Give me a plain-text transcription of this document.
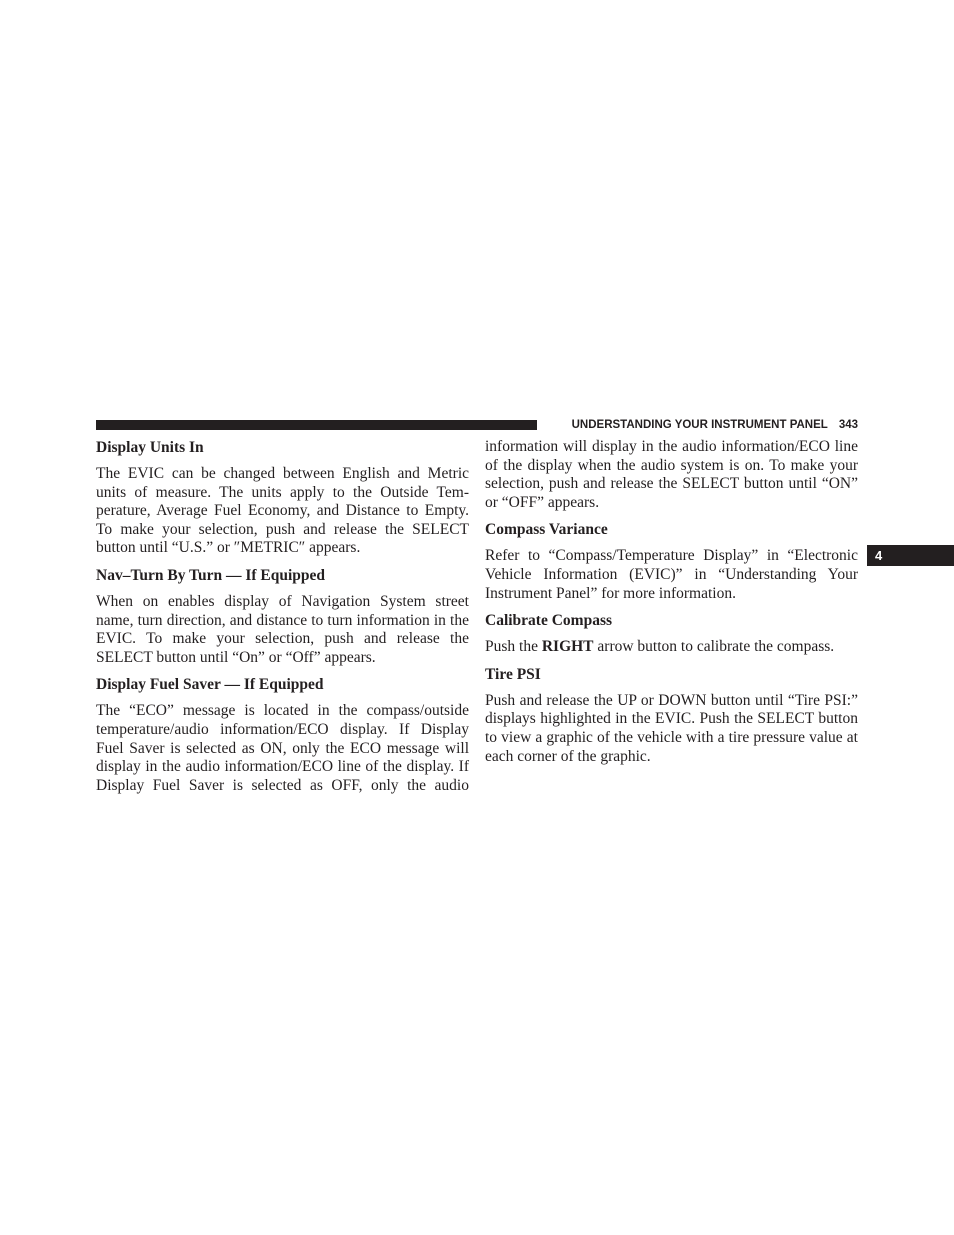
UNDERSTANDING YOUR INSTRUMENT PANEL 343
4
Display Units In

The EVIC can be changed between English and Metric units of measure. The units apply to the Outside Tem-perature, Average Fuel Economy, and Distance to Empty. To make your selection, push and release the SELECT button until “U.S.” or ″METRIC″ appears.

Nav–Turn By Turn — If Equipped

When on enables display of Navigation System street name, turn direction, and distance to turn information in the EVIC. To make your selection, push and release the SELECT button until “On” or “Off” appears.

Display Fuel Saver — If Equipped

The “ECO” message is located in the compass/outside temperature/audio information/ECO display. If Display Fuel Saver is selected as ON, only the ECO message will display in the audio information/ECO line of the display. If Display Fuel Saver is selected as OFF, only the audio

information will display in the audio information/ECO line of the display when the audio system is on. To make your selection, push and release the SELECT button until “ON” or “OFF” appears.

Compass Variance

Refer to “Compass/Temperature Display” in “Electronic Vehicle Information (EVIC)” in “Understanding Your Instrument Panel” for more information.

Calibrate Compass

Push the RIGHT arrow button to calibrate the compass.

Tire PSI

Push and release the UP or DOWN button until “Tire PSI:” displays highlighted in the EVIC. Push the SELECT button to view a graphic of the vehicle with a tire pressure value at each corner of the graphic.
